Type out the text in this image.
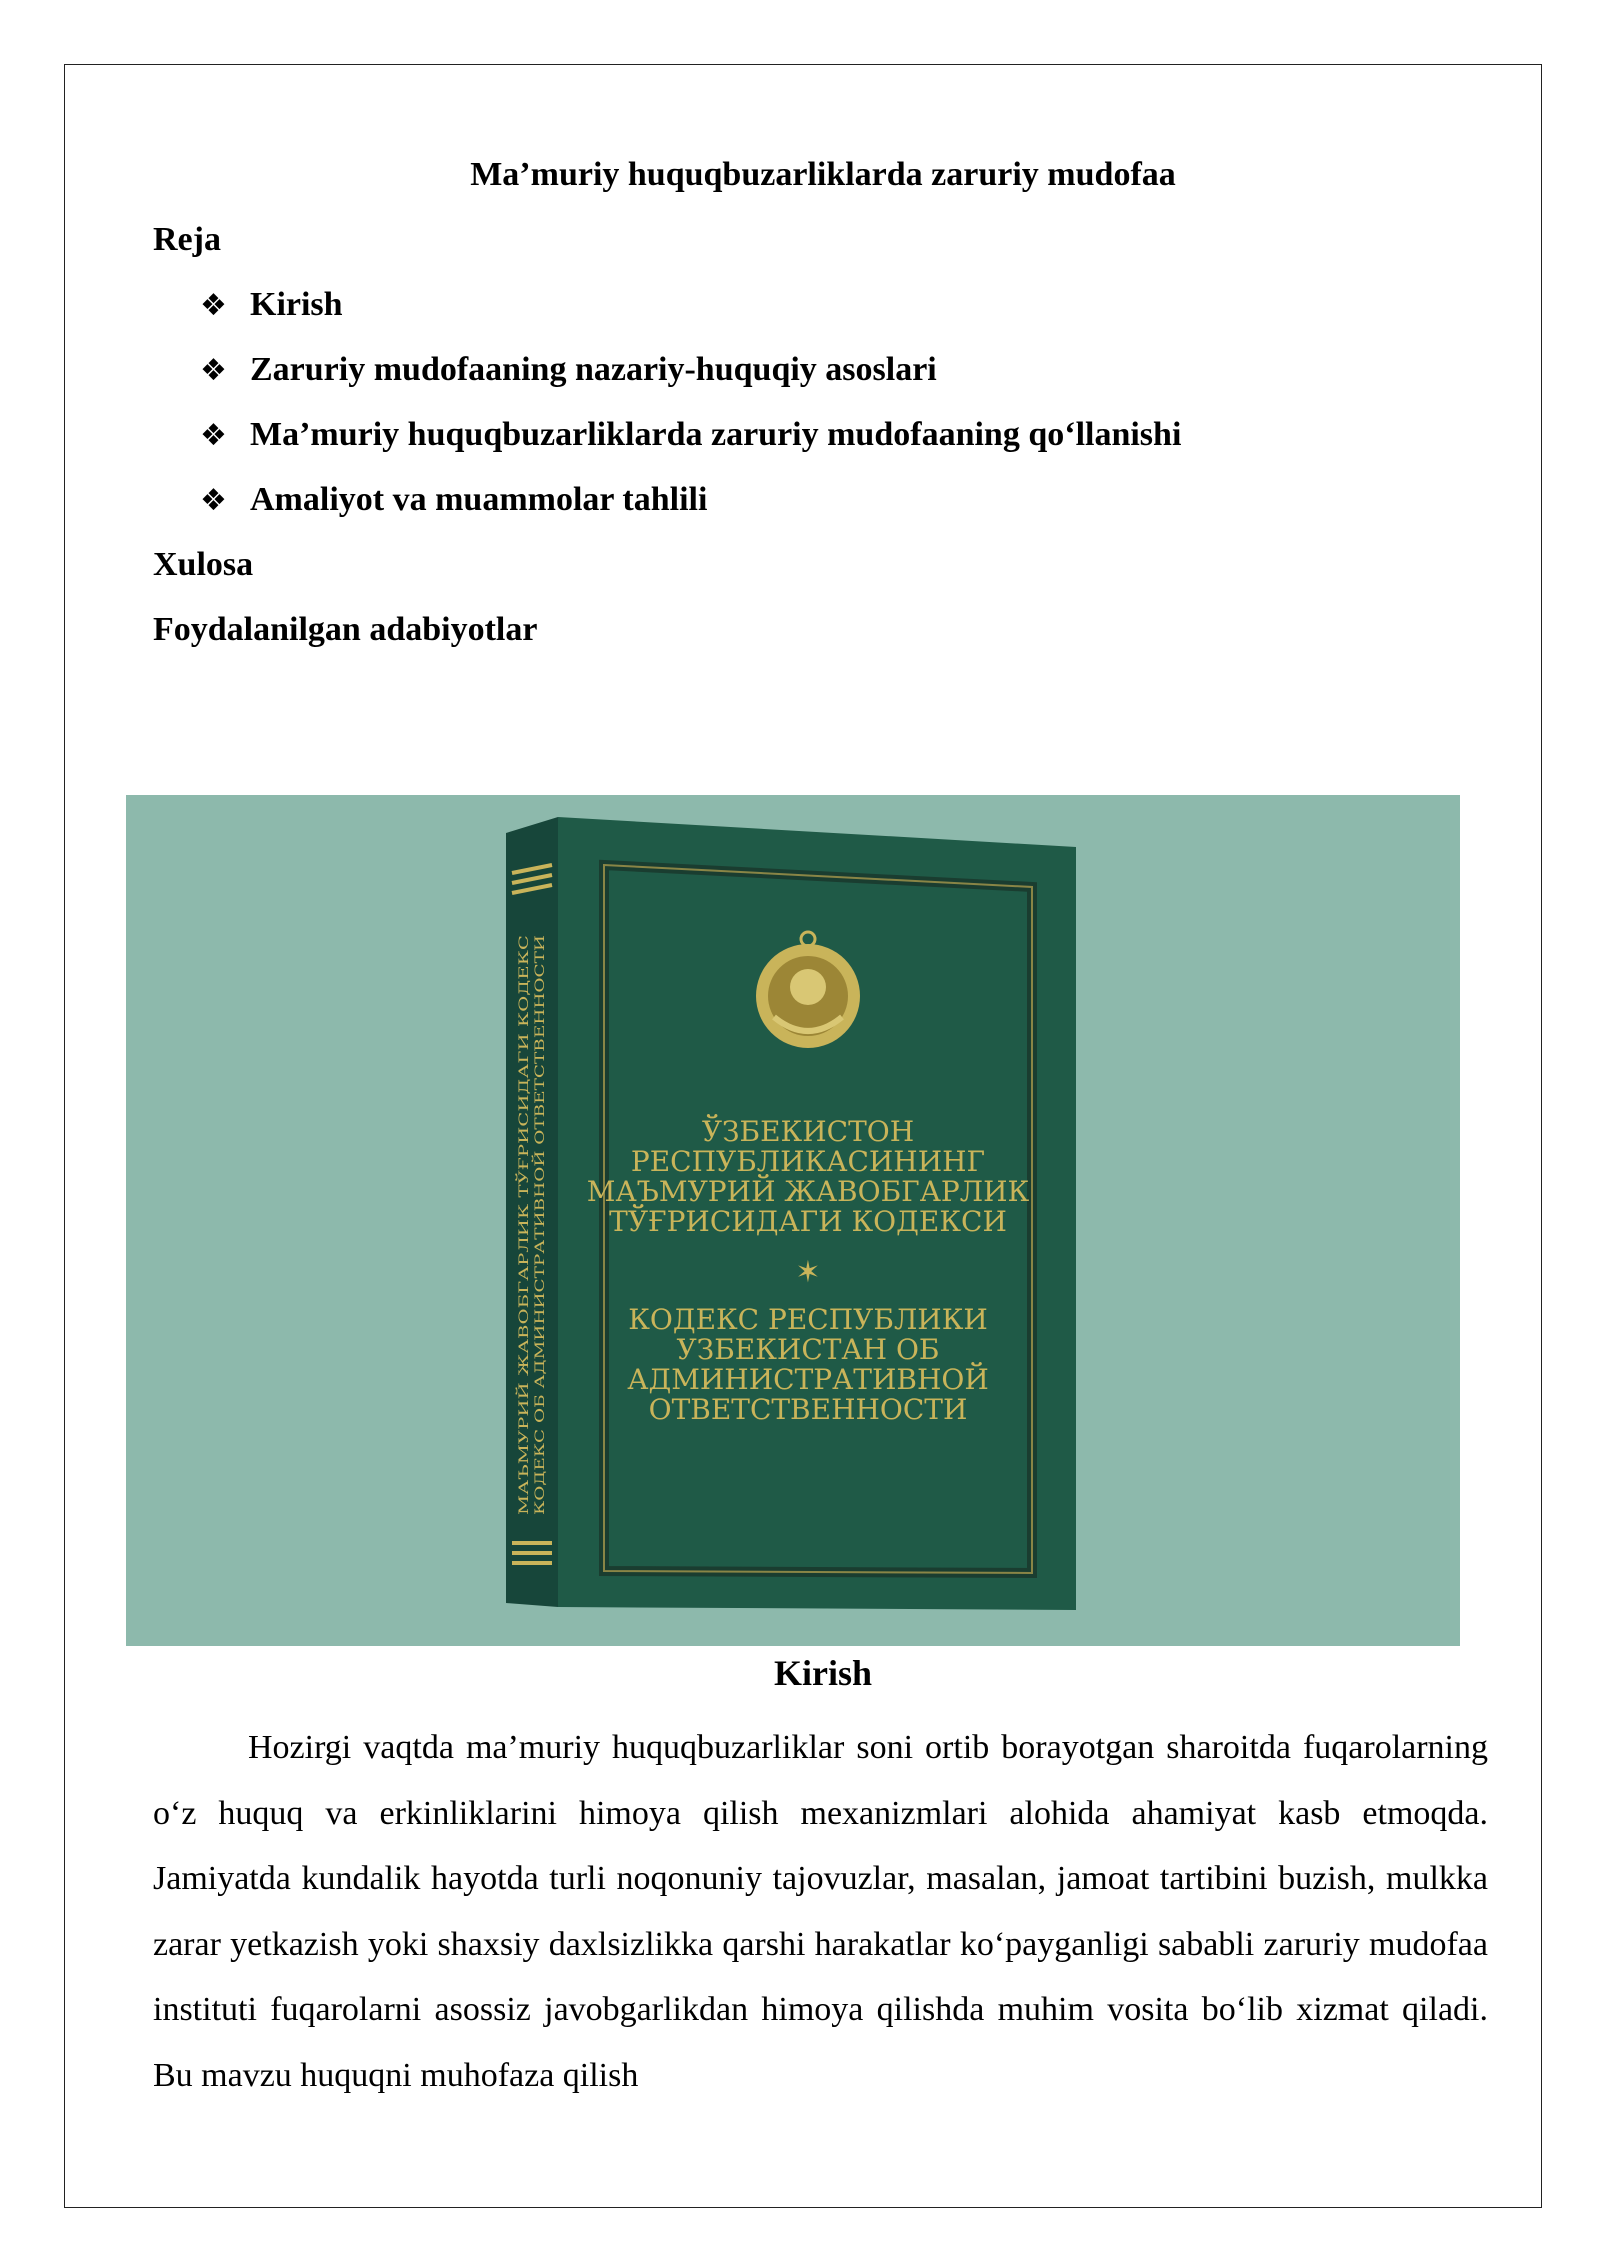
Ma’muriy huquqbuzarliklarda zaruriy mudofaa
Reja
❖ Kirish
❖ Zaruriy mudofaaning nazariy-huquqiy asoslari
❖ Ma’muriy huquqbuzarliklarda zaruriy mudofaaning qo‘llanishi
❖ Amaliyot va muammolar tahlili
Xulosa
Foydalanilgan adabiyotlar
МАЪМУРИЙ ЖАВОБГАРЛИК ТЎҒРИСИДАГИ КОДЕКС КОДЕКС ОБ АДМИНИСТРАТИВНОЙ ОТВЕТСТВЕННОСТИ	ЎЗБЕКИСТОН
РЕСПУБЛИКАСИНИНГ
МАЪМУРИЙ ЖАВОБГАРЛИК
ТЎҒРИСИДАГИ КОДЕКСИ
✶
КОДЕКС РЕСПУБЛИКИ
УЗБЕКИСТАН ОБ
АДМИНИСТРАТИВНОЙ
ОТВЕТСТВЕННОСТИ
Kirish
Hozirgi vaqtda ma’muriy huquqbuzarliklar soni ortib borayotgan sharoitda fuqarolarning o‘z huquq va erkinliklarini himoya qilish mexanizmlari alohida ahamiyat kasb etmoqda. Jamiyatda kundalik hayotda turli noqonuniy tajovuzlar, masalan, jamoat tartibini buzish, mulkka zarar yetkazish yoki shaxsiy daxlsizlikka qarshi harakatlar ko‘payganligi sababli zaruriy mudofaa instituti fuqarolarni asossiz javobgarlikdan himoya qilishda muhim vosita bo‘lib xizmat qiladi. Bu mavzu huquqni muhofaza qilish
